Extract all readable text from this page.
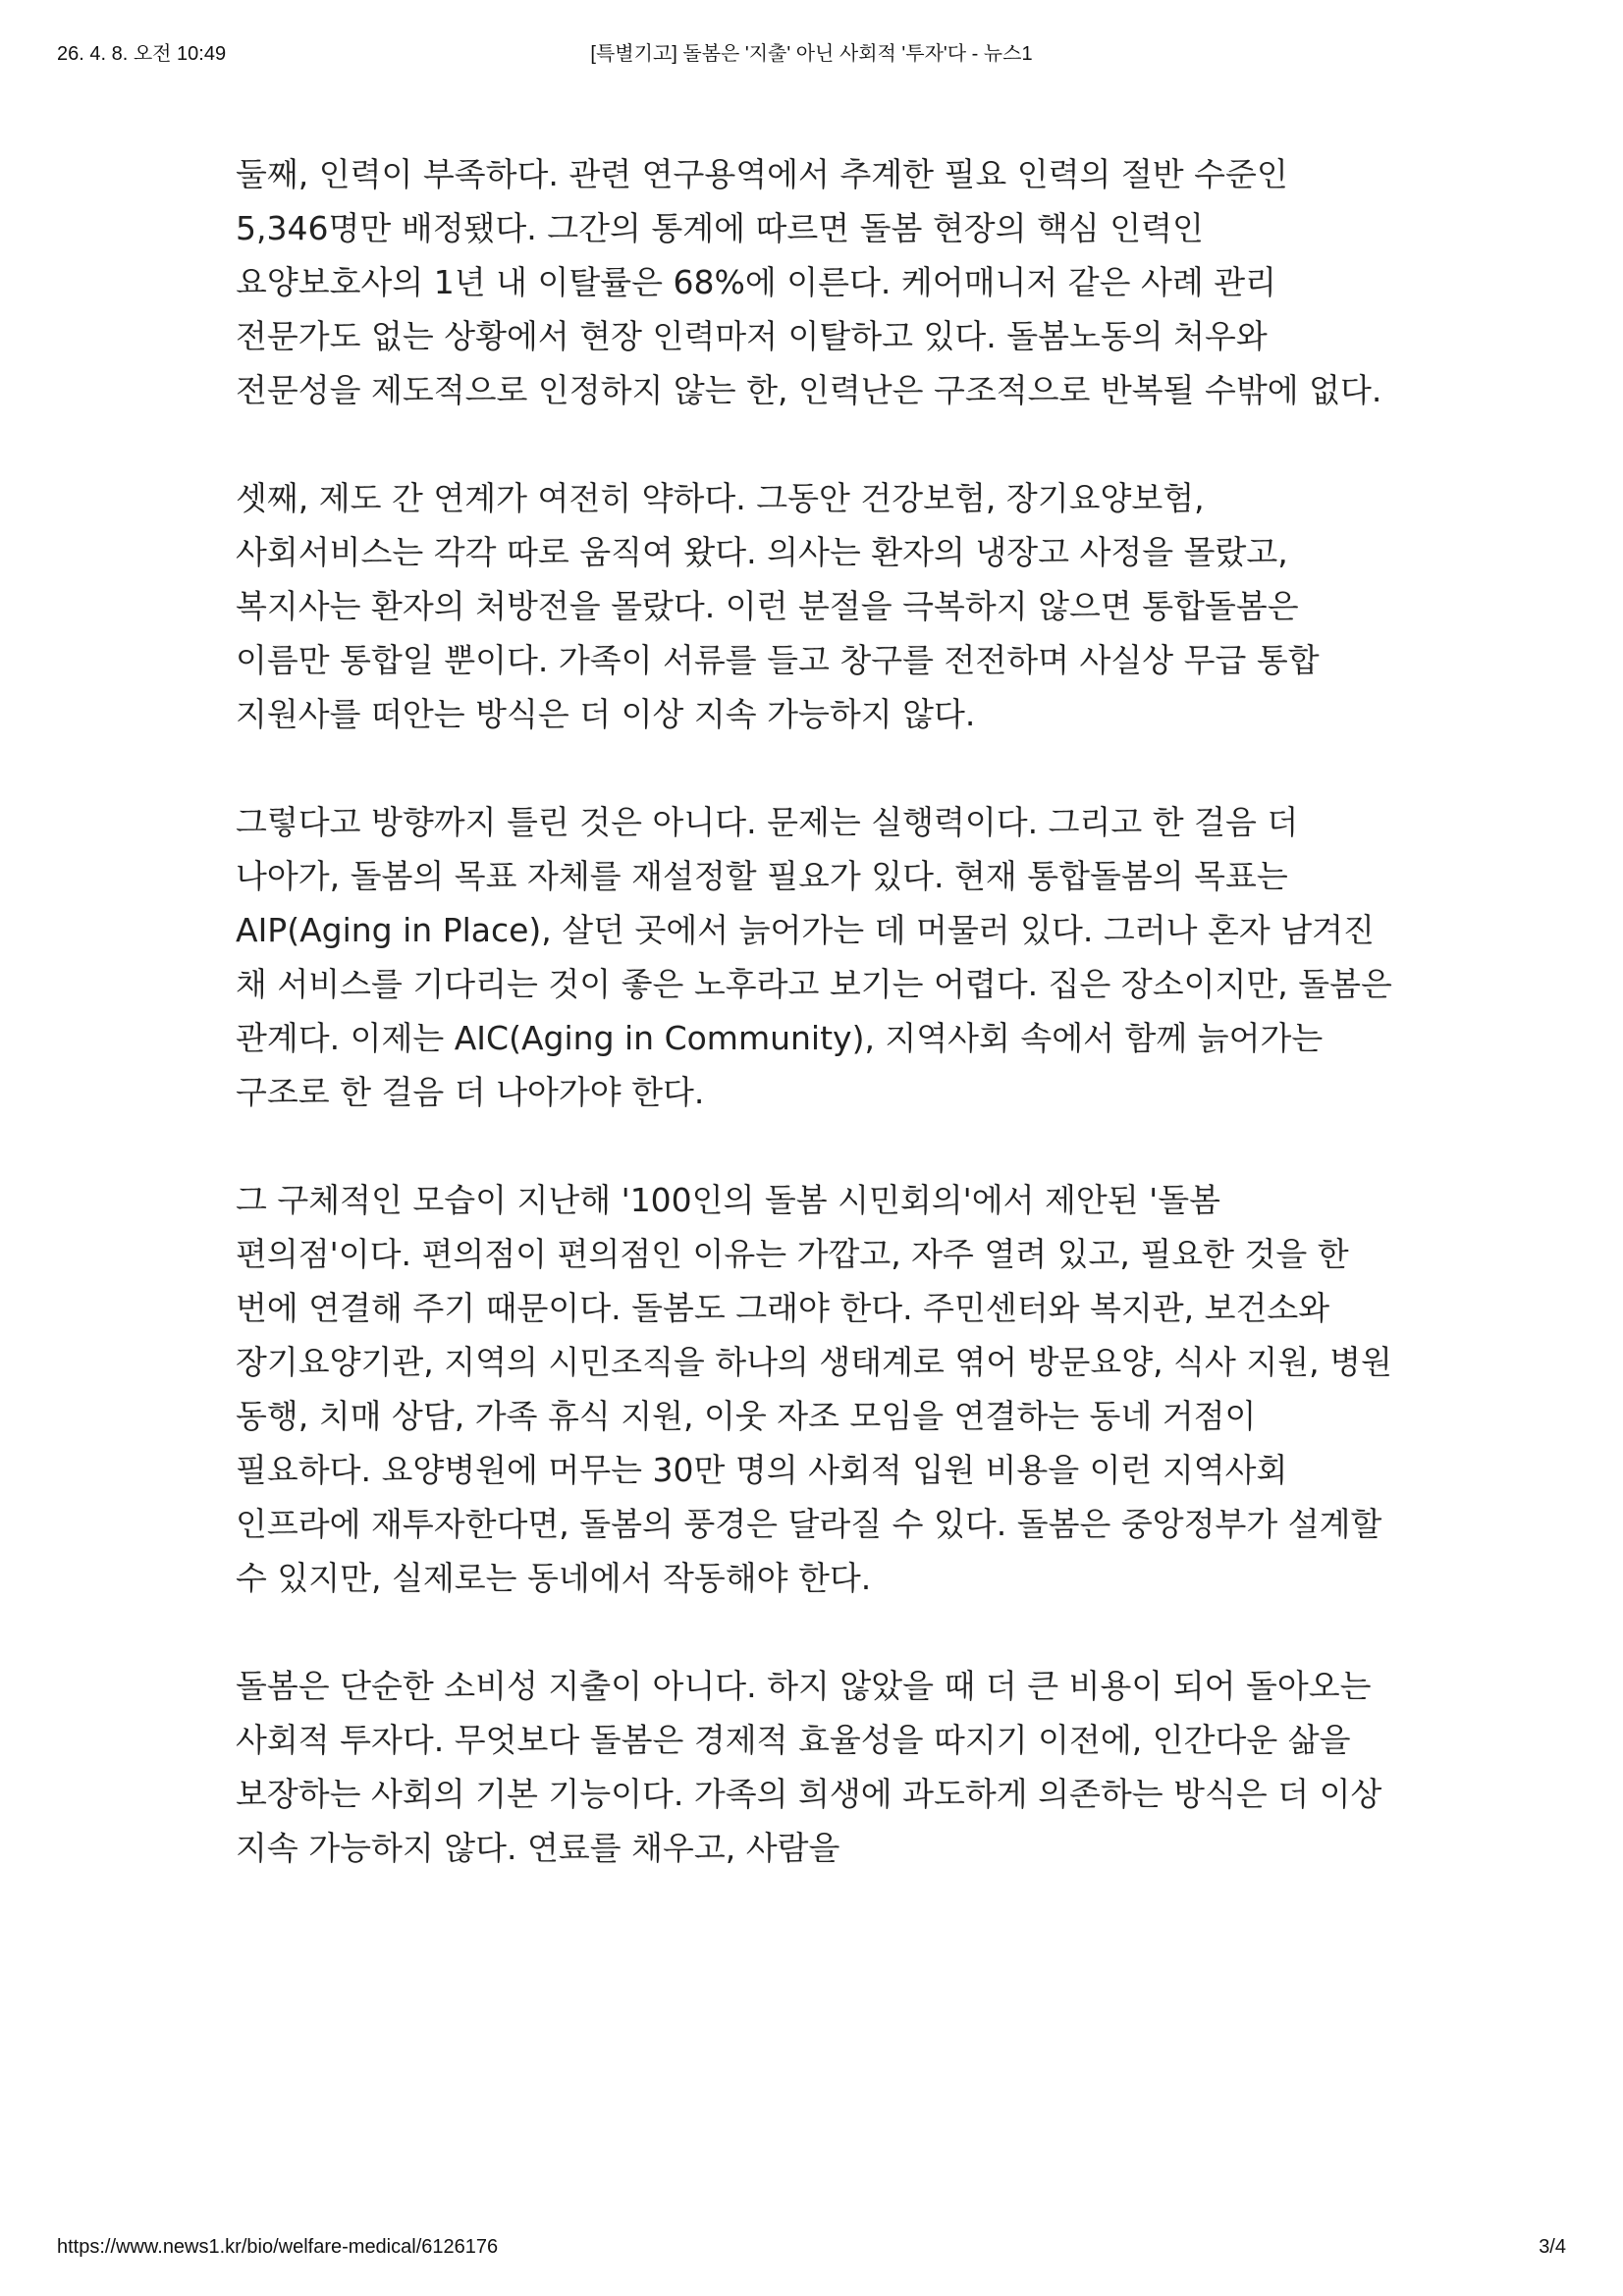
26. 4. 8. 오전 10:49	[특별기고] 돌봄은 '지출' 아닌 사회적 '투자'다 - 뉴스1

둘째, 인력이 부족하다. 관련 연구용역에서 추계한 필요 인력의 절반 수준인 5,346명만 배정됐다. 그간의 통계에 따르면 돌봄 현장의 핵심 인력인 요양보호사의 1년 내 이탈률은 68%에 이른다. 케어매니저 같은 사례 관리 전문가도 없는 상황에서 현장 인력마저 이탈하고 있다. 돌봄노동의 처우와 전문성을 제도적으로 인정하지 않는 한, 인력난은 구조적으로 반복될 수밖에 없다.

셋째, 제도 간 연계가 여전히 약하다. 그동안 건강보험, 장기요양보험, 사회서비스는 각각 따로 움직여 왔다. 의사는 환자의 냉장고 사정을 몰랐고, 복지사는 환자의 처방전을 몰랐다. 이런 분절을 극복하지 않으면 통합돌봄은 이름만 통합일 뿐이다. 가족이 서류를 들고 창구를 전전하며 사실상 무급 통합 지원사를 떠안는 방식은 더 이상 지속 가능하지 않다.

그렇다고 방향까지 틀린 것은 아니다. 문제는 실행력이다. 그리고 한 걸음 더 나아가, 돌봄의 목표 자체를 재설정할 필요가 있다. 현재 통합돌봄의 목표는 AIP(Aging in Place), 살던 곳에서 늙어가는 데 머물러 있다. 그러나 혼자 남겨진 채 서비스를 기다리는 것이 좋은 노후라고 보기는 어렵다. 집은 장소이지만, 돌봄은 관계다. 이제는 AIC(Aging in Community), 지역사회 속에서 함께 늙어가는 구조로 한 걸음 더 나아가야 한다.

그 구체적인 모습이 지난해 '100인의 돌봄 시민회의'에서 제안된 '돌봄 편의점'이다. 편의점이 편의점인 이유는 가깝고, 자주 열려 있고, 필요한 것을 한 번에 연결해 주기 때문이다. 돌봄도 그래야 한다. 주민센터와 복지관, 보건소와 장기요양기관, 지역의 시민조직을 하나의 생태계로 엮어 방문요양, 식사 지원, 병원 동행, 치매 상담, 가족 휴식 지원, 이웃 자조 모임을 연결하는 동네 거점이 필요하다. 요양병원에 머무는 30만 명의 사회적 입원 비용을 이런 지역사회 인프라에 재투자한다면, 돌봄의 풍경은 달라질 수 있다. 돌봄은 중앙정부가 설계할 수 있지만, 실제로는 동네에서 작동해야 한다.

돌봄은 단순한 소비성 지출이 아니다. 하지 않았을 때 더 큰 비용이 되어 돌아오는 사회적 투자다. 무엇보다 돌봄은 경제적 효율성을 따지기 이전에, 인간다운 삶을 보장하는 사회의 기본 기능이다. 가족의 희생에 과도하게 의존하는 방식은 더 이상 지속 가능하지 않다. 연료를 채우고, 사람을

https://www.news1.kr/bio/welfare-medical/6126176	3/4
